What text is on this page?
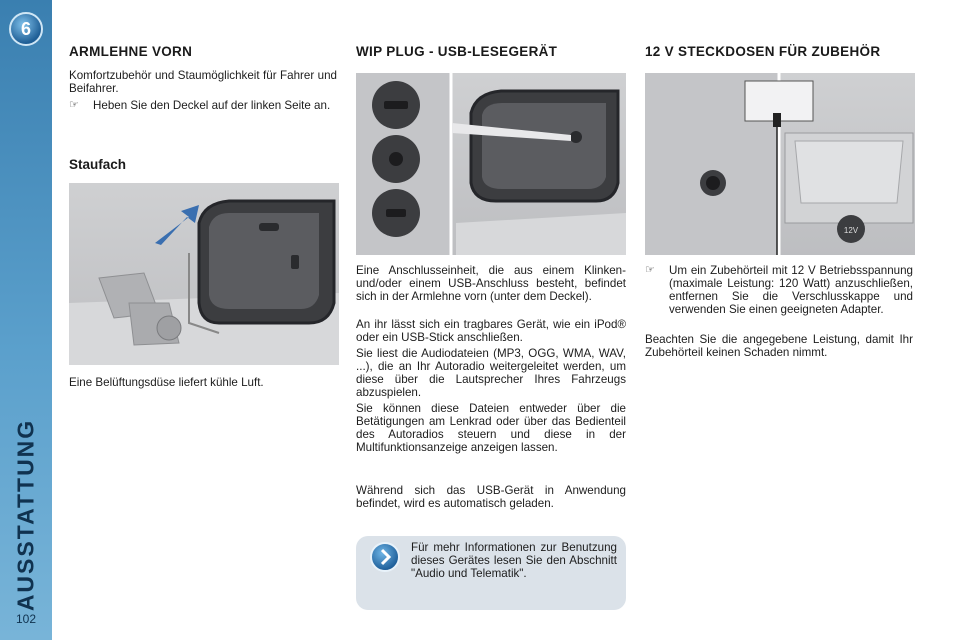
6
AUSSTATTUNG
102
ARMLEHNE VORN

Komfortzubehör und Staumöglichkeit für Fahrer und Beifahrer.

☞ Heben Sie den Deckel auf der linken Seite an.
Staufach

Eine Belüftungsdüse liefert kühle Luft.

WIP PLUG - USB-LESEGERÄT

Eine Anschlusseinheit, die aus einem Klinken- und/oder einem USB-Anschluss besteht, befindet sich in der Armlehne vorn (unter dem Deckel).

An ihr lässt sich ein tragbares Gerät, wie ein iPod® oder ein USB-Stick anschließen.

Sie liest die Audiodateien (MP3, OGG, WMA, WAV, ...), die an Ihr Autoradio weitergeleitet werden, um diese über die Lautsprecher Ihres Fahrzeugs abzuspielen.

Sie können diese Dateien entweder über die Betätigungen am Lenkrad oder über das Bedienteil des Autoradios steuern und diese in der Multifunktionsanzeige anzeigen lassen.

Während sich das USB-Gerät in Anwendung befindet, wird es automatisch geladen.

Für mehr Informationen zur Benutzung dieses Gerätes lesen Sie den Abschnitt "Audio und Telematik".

12 V STECKDOSEN FÜR ZUBEHÖR
12V
☞ Um ein Zubehörteil mit 12 V Betriebsspannung (maximale Leistung: 120 Watt) anzuschließen, entfernen Sie die Verschlusskappe und verwenden Sie einen geeigneten Adapter.

Beachten Sie die angegebene Leistung, damit Ihr Zubehörteil keinen Schaden nimmt.
